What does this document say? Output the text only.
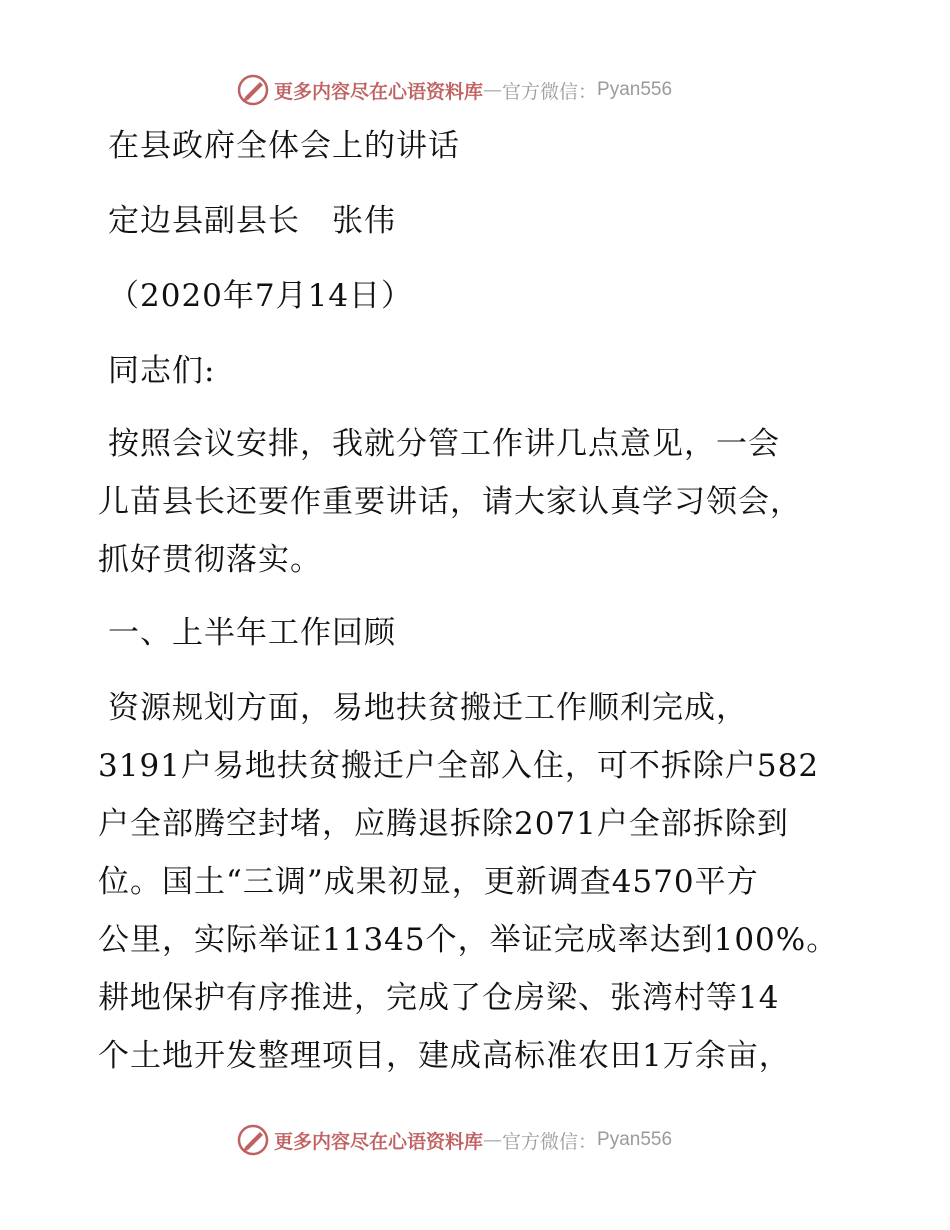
更多内容尽在心语资料库 — 官方微信： Pyan556
在县政府全体会上的讲话
定边县副县长　张伟
（2020年7月14日）
同志们:
按照会议安排，我就分管工作讲几点意见，一会
儿苗县长还要作重要讲话，请大家认真学习领会，
抓好贯彻落实。
一、上半年工作回顾
资源规划方面，易地扶贫搬迁工作顺利完成，
3191户易地扶贫搬迁户全部入住，可不拆除户582
户全部腾空封堵，应腾退拆除2071户全部拆除到
位。国土“三调”成果初显，更新调查4570平方
公里，实际举证11345个，举证完成率达到100%。
耕地保护有序推进，完成了仓房梁、张湾村等14
个土地开发整理项目，建成高标准农田1万余亩，
更多内容尽在心语资料库 — 官方微信： Pyan556
